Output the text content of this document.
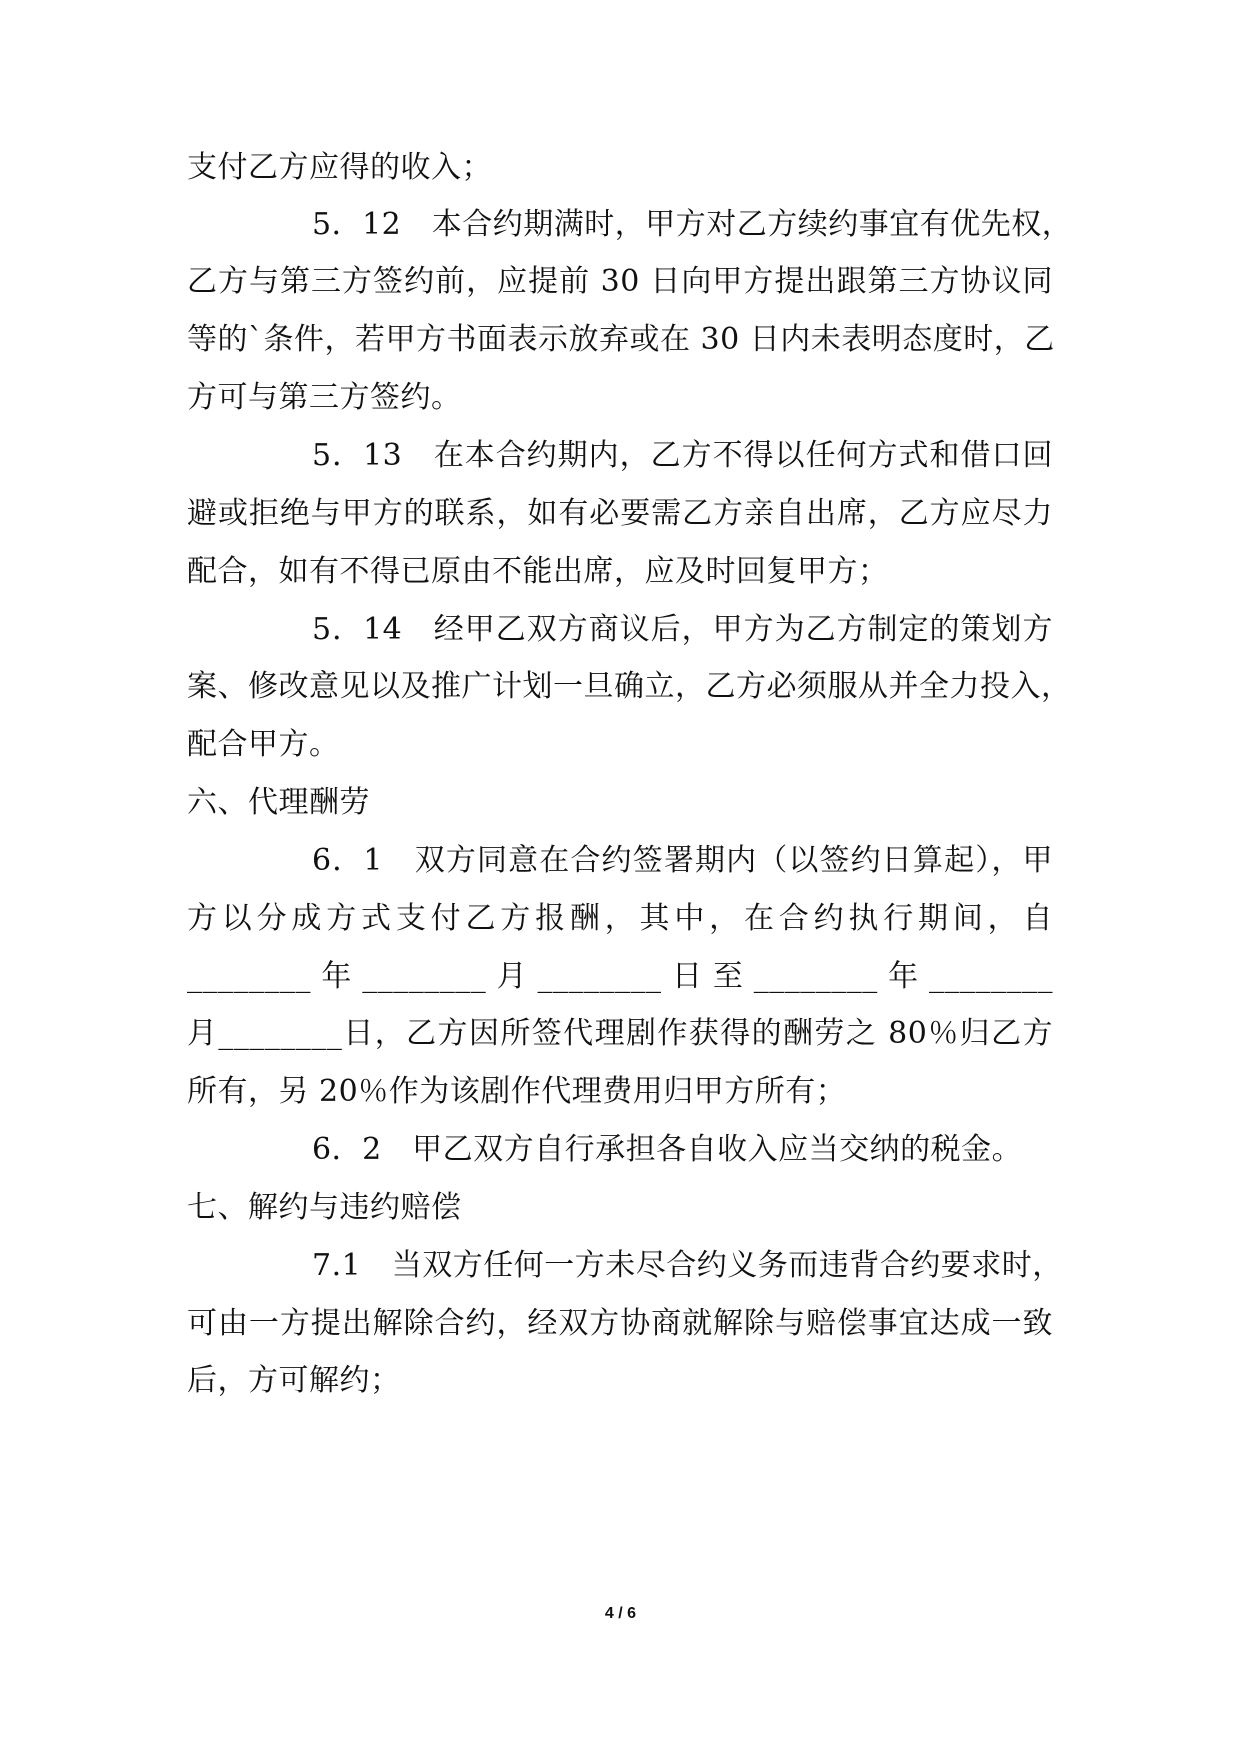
支付乙方应得的收入；
5．12　本合约期满时，甲方对乙方续约事宜有优先权，
乙方与第三方签约前，应提前 30 日向甲方提出跟第三方协议同
等的`条件，若甲方书面表示放弃或在 30 日内未表明态度时，乙
方可与第三方签约。
5．13　在本合约期内，乙方不得以任何方式和借口回
避或拒绝与甲方的联系，如有必要需乙方亲自出席，乙方应尽力
配合，如有不得已原由不能出席，应及时回复甲方；
5．14　经甲乙双方商议后，甲方为乙方制定的策划方
案、修改意见以及推广计划一旦确立，乙方必须服从并全力投入，
配合甲方。
六、代理酬劳
6．1　双方同意在合约签署期内（以签约日算起），甲
方以分成方式支付乙方报酬，其中，在合约执行期间，自
________年________月________日至________年________
月________日，乙方因所签代理剧作获得的酬劳之 80％归乙方
所有，另 20％作为该剧作代理费用归甲方所有；
6．2　甲乙双方自行承担各自收入应当交纳的税金。
七、解约与违约赔偿
7.1　当双方任何一方未尽合约义务而违背合约要求时，
可由一方提出解除合约，经双方协商就解除与赔偿事宜达成一致
后，方可解约；
4 / 6
